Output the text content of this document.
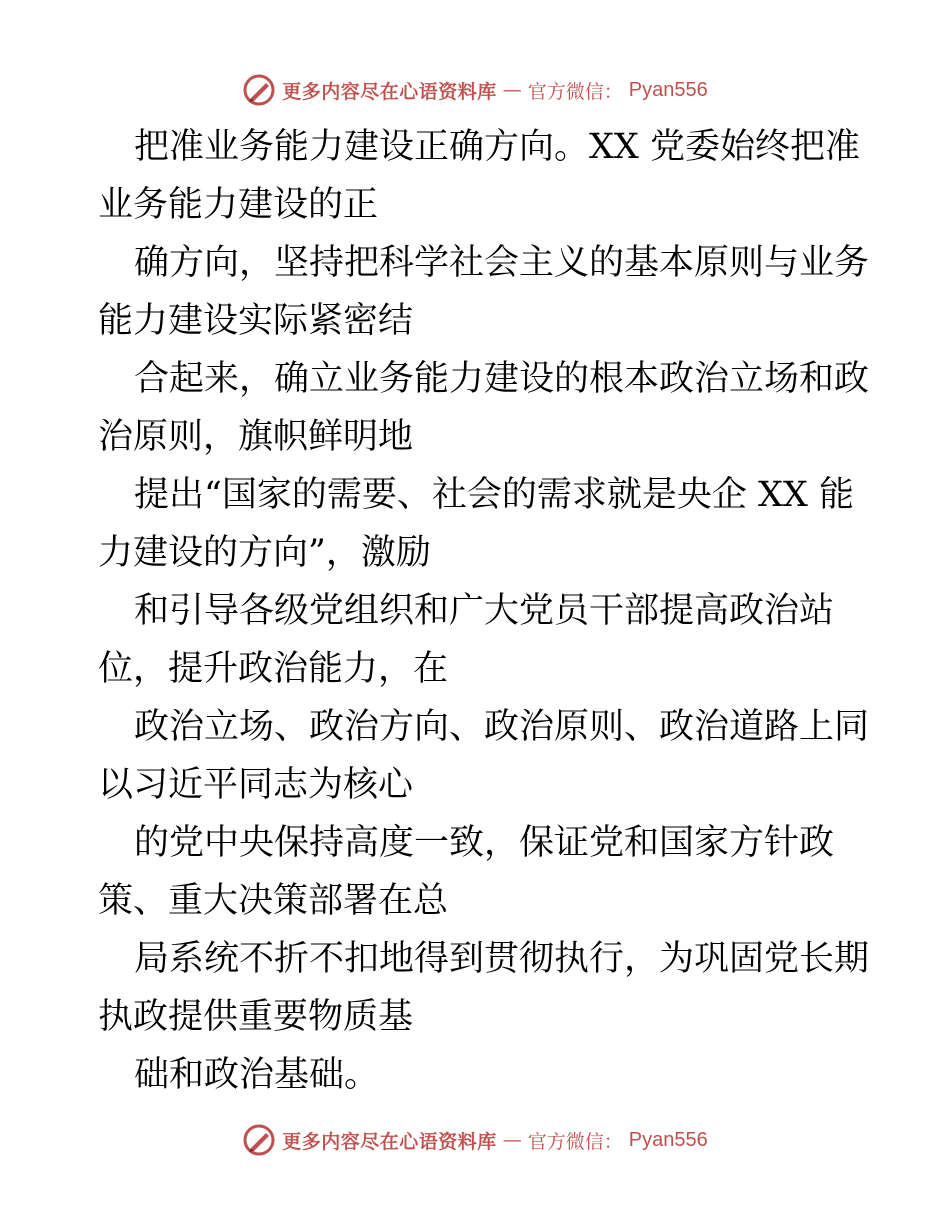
更多内容尽在心语资料库 — 官方微信： Pyan556

把准业务能力建设正确方向。XX 党委始终把准

业务能力建设的正

确方向，坚持把科学社会主义的基本原则与业务

能力建设实际紧密结

合起来，确立业务能力建设的根本政治立场和政

治原则，旗帜鲜明地

提出“国家的需要、社会的需求就是央企 XX 能

力建设的方向”，激励

和引导各级党组织和广大党员干部提高政治站

位，提升政治能力，在

政治立场、政治方向、政治原则、政治道路上同

以习近平同志为核心

的党中央保持高度一致，保证党和国家方针政

策、重大决策部署在总

局系统不折不扣地得到贯彻执行，为巩固党长期

执政提供重要物质基

础和政治基础。

更多内容尽在心语资料库 — 官方微信： Pyan556
